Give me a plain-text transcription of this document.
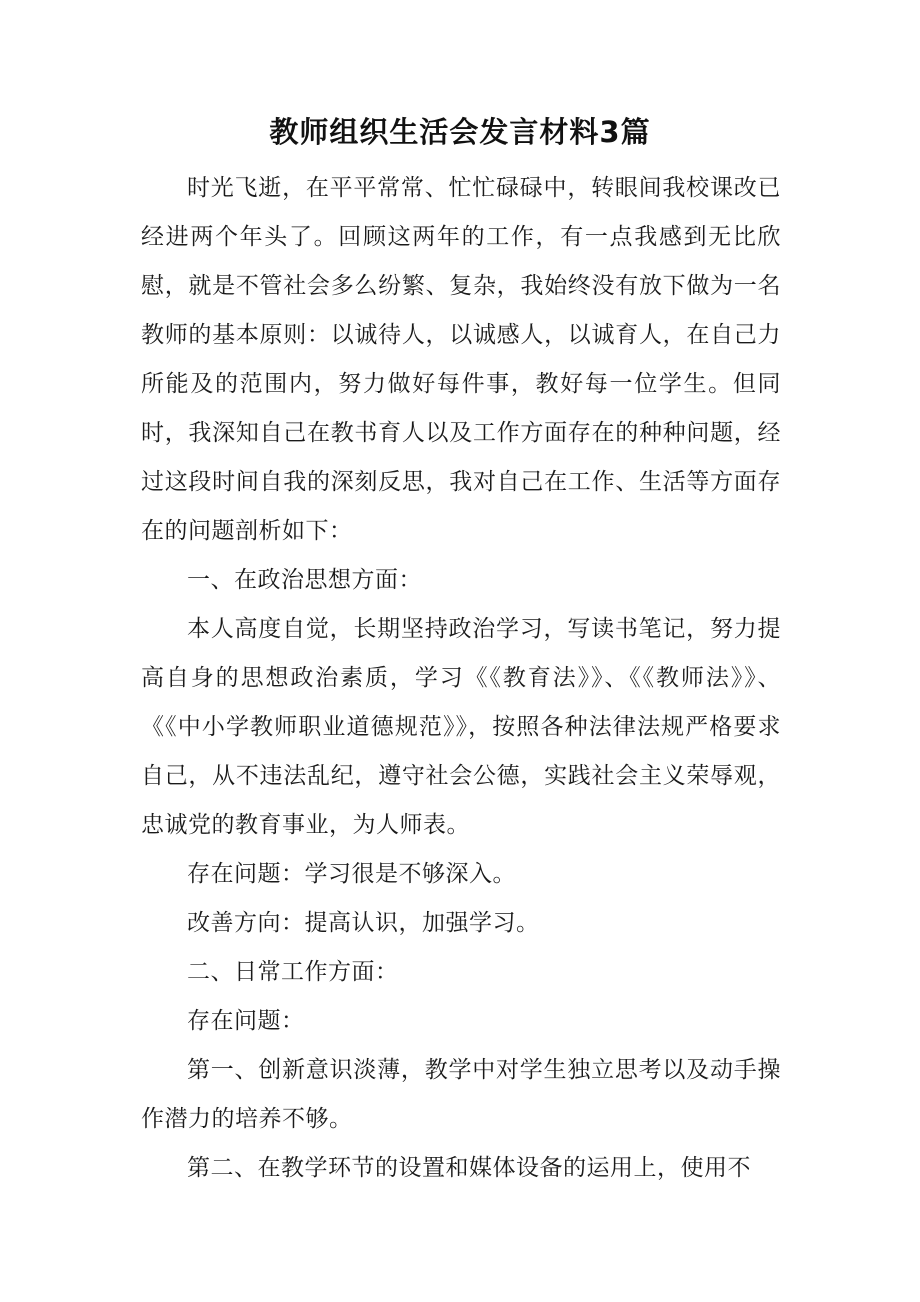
教师组织生活会发言材料3篇

时光飞逝，在平平常常、忙忙碌碌中，转眼间我校课改已经进两个年头了。回顾这两年的工作，有一点我感到无比欣慰，就是不管社会多么纷繁、复杂，我始终没有放下做为一名教师的基本原则：以诚待人，以诚感人，以诚育人，在自己力所能及的范围内，努力做好每件事，教好每一位学生。但同时，我深知自己在教书育人以及工作方面存在的种种问题，经过这段时间自我的深刻反思，我对自己在工作、生活等方面存在的问题剖析如下：

一、在政治思想方面：

本人高度自觉，长期坚持政治学习，写读书笔记，努力提高自身的思想政治素质，学习《《教育法》》、《《教师法》》、《《中小学教师职业道德规范》》，按照各种法律法规严格要求自己，从不违法乱纪，遵守社会公德，实践社会主义荣辱观，忠诚党的教育事业，为人师表。

存在问题：学习很是不够深入。

改善方向：提高认识，加强学习。

二、日常工作方面：

存在问题：

第一、创新意识淡薄，教学中对学生独立思考以及动手操作潜力的培养不够。

第二、在教学环节的设置和媒体设备的运用上，使用不
